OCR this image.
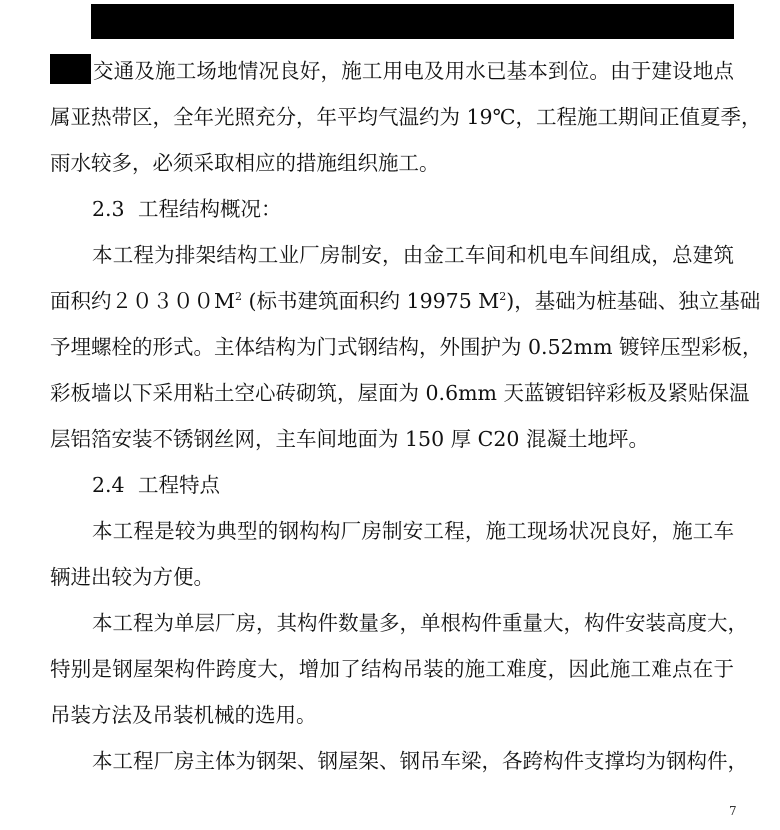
交通及施工场地情况良好，施工用电及用水已基本到位。由于建设地点
属亚热带区，全年光照充分，年平均气温约为 19℃，工程施工期间正值夏季，
雨水较多，必须采取相应的措施组织施工。
2.3 工程结构概况：
本工程为排架结构工业厂房制安，由金工车间和机电车间组成，总建筑
面积约$20300M^2$ (标书建筑面积约 19975 $M^2$)，基础为桩基础、独立基础
予埋螺栓的形式。主体结构为门式钢结构，外围护为 0.52mm 镀锌压型彩板，
彩板墙以下采用粘土空心砖砌筑，屋面为 0.6mm 天蓝镀铝锌彩板及紧贴保温
层铝箔安装不锈钢丝网，主车间地面为 150 厚 C20 混凝土地坪。
2.4 工程特点
本工程是较为典型的钢构构厂房制安工程，施工现场状况良好，施工车
辆进出较为方便。
本工程为单层厂房，其构件数量多，单根构件重量大，构件安装高度大，
特别是钢屋架构件跨度大，增加了结构吊装的施工难度，因此施工难点在于
吊装方法及吊装机械的选用。
本工程厂房主体为钢架、钢屋架、钢吊车梁，各跨构件支撑均为钢构件，
7
